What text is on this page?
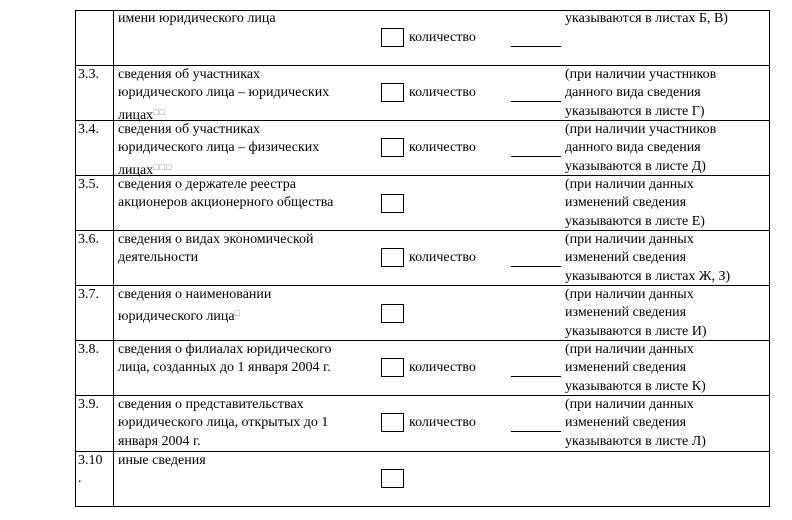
имени юридического лица
количество
указываются в листах Б, В)
3.3. сведения об участниках
юридического лица – юридических
лицах□□
количество
(при наличии участников
данного вида сведения
указываются в листе Г)
3.4. сведения об участниках
юридического лица – физических
лицах□□□
количество
(при наличии участников
данного вида сведения
указываются в листе Д)
3.5. сведения о держателе реестра
акционеров акционерного общества
(при наличии данных
изменений сведения
указываются в листе Е)
3.6. сведения о видах экономической
деятельности	количество
(при наличии данных
изменений сведения
указываются в листах Ж, З)
3.7. сведения о наименовании
юридического лица□
(при наличии данных
изменений сведения
указываются в листе И)
3.8. сведения о филиалах юридического
лица, созданных до 1 января 2004 г.	количество
(при наличии данных
изменений сведения
указываются в листе К)
3.9. сведения о представительствах
юридического лица, открытых до 1
января 2004 г.
количество
(при наличии данных
изменений сведения
указываются в листе Л)
3.10
.
иные сведения
